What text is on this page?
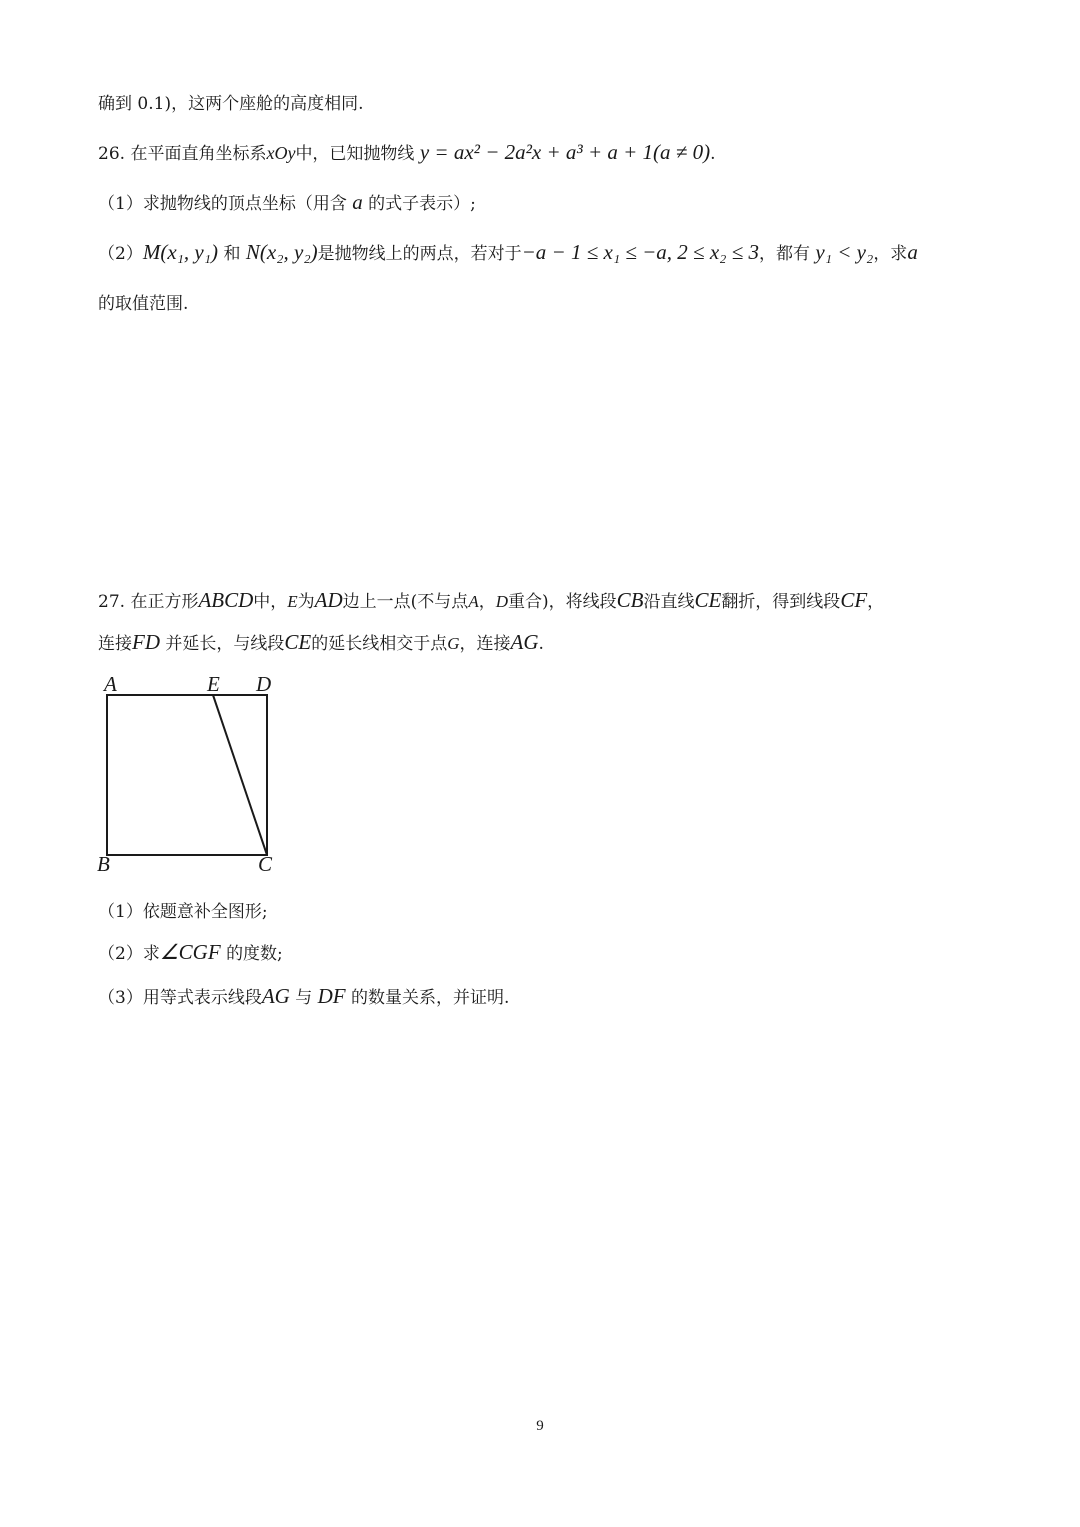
确到 0.1)，这两个座舱的高度相同.
26. 在平面直角坐标系xOy中，已知抛物线 y = ax² − 2a²x + a³ + a + 1(a ≠ 0).
（1）求抛物线的顶点坐标（用含 a 的式子表示）;
（2）M(x₁, y₁) 和 N(x₂, y₂)是抛物线上的两点，若对于−a − 1 ≤ x₁ ≤ −a, 2 ≤ x₂ ≤ 3，都有 y₁ < y₂，求a
的取值范围.
27. 在正方形ABCD中，E为AD边上一点(不与点A，D重合)，将线段CB沿直线CE翻折，得到线段CF，
连接FD 并延长，与线段CE的延长线相交于点G，连接AG.
A	E D
B	C
（1）依题意补全图形;
（2）求∠CGF 的度数;
（3）用等式表示线段AG 与 DF 的数量关系，并证明.
9
